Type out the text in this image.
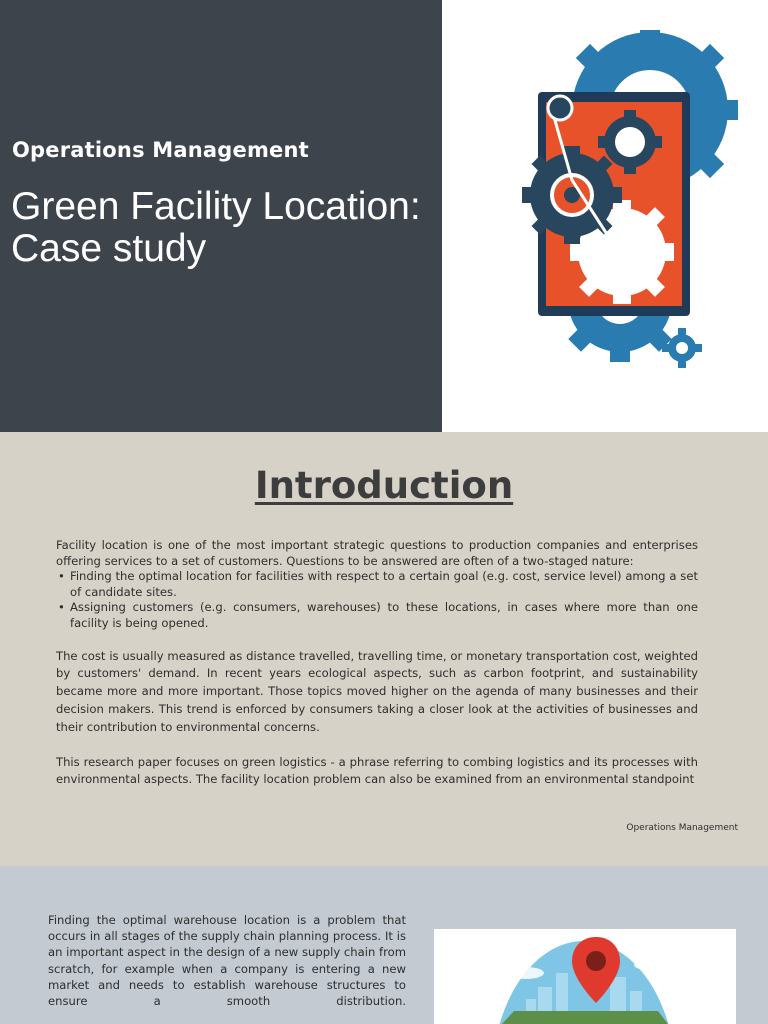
Operations Management
Green Facility Location: Case study
Introduction

Facility location is one of the most important strategic questions to production companies and enterprises offering services to a set of customers. Questions to be answered are often of a two-staged nature:

• Finding the optimal location for facilities with respect to a certain goal (e.g. cost, service level) among a set of candidate sites.
• Assigning customers (e.g. consumers, warehouses) to these locations, in cases where more than one facility is being opened.

The cost is usually measured as distance travelled, travelling time, or monetary transportation cost, weighted by customers' demand. In recent years ecological aspects, such as carbon footprint, and sustainability became more and more important. Those topics moved higher on the agenda of many businesses and their decision makers. This trend is enforced by consumers taking a closer look at the activities of businesses and their contribution to environmental concerns.

This research paper focuses on green logistics - a phrase referring to combing logistics and its processes with environmental aspects. The facility location problem can also be examined from an environmental standpoint

Operations Management

Finding the optimal warehouse location is a problem that occurs in all stages of the supply chain planning process. It is an important aspect in the design of a new supply chain from scratch, for example when a company is entering a new market and needs to establish warehouse structures to ensure a smooth distribution.
